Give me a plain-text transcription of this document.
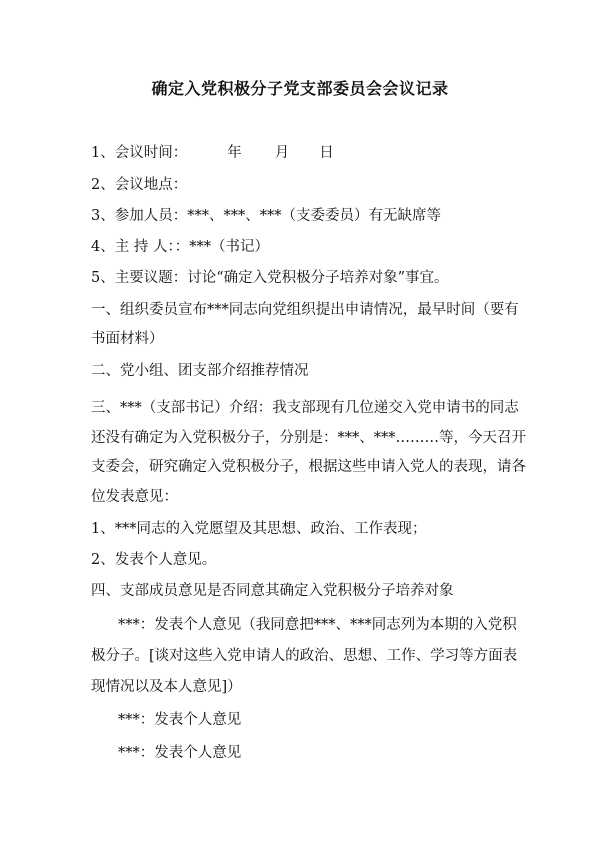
确定入党积极分子党支部委员会会议记录
1、会议时间：	年 月 日
2、会议地点：
3、参加人员：***、***、***（支委委员）有无缺席等
4、主 持 人：：***（书记）
5、主要议题：讨论“确定入党积极分子培养对象”事宜。
一、组织委员宣布***同志向党组织提出申请情况，最早时间（要有
书面材料）
二、党小组、团支部介绍推荐情况
三、***（支部书记）介绍：我支部现有几位递交入党申请书的同志
还没有确定为入党积极分子，分别是：***、***………等，今天召开
支委会，研究确定入党积极分子，根据这些申请入党人的表现，请各
位发表意见：
1、***同志的入党愿望及其思想、政治、工作表现；
2、发表个人意见。
四、支部成员意见是否同意其确定入党积极分子培养对象
***：发表个人意见（我同意把***、***同志列为本期的入党积
极分子。[谈对这些入党申请人的政治、思想、工作、学习等方面表
现情况以及本人意见]）
***：发表个人意见
***：发表个人意见
